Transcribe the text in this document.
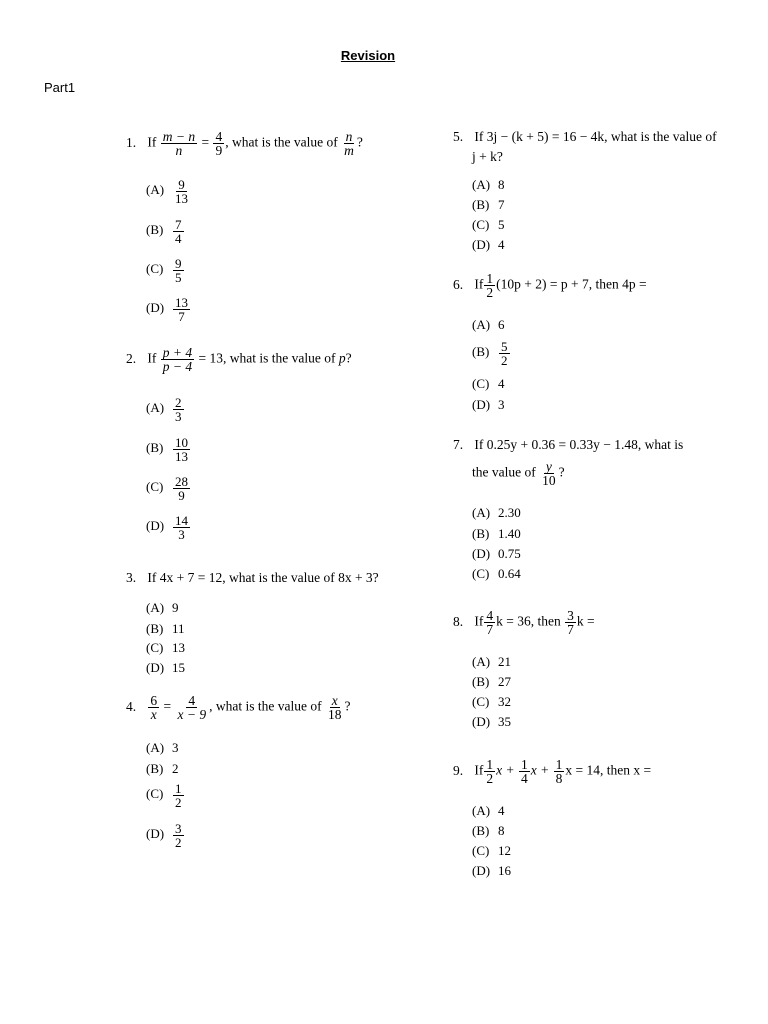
Revision
Part1
1. If $\frac{m - n}{n} = \frac{4}{9}$ , what is the value of $\frac{n}{m}$ ?
$(A) \frac{9}{13}$
$(B) \frac{7}{4}$
$(C) \frac{9}{5}$
$(D) \frac{13}{7}$
2. If $\frac{p + 4}{p - 4} = 13$, what is the value of p?
$(A) \frac{2}{3}$
$(B) \frac{10}{13}$
$(C) \frac{28}{9}$
$(D) \frac{14}{3}$
3. If 4x + 7 = 12, what is the value of 8x + 3?
(A) 9
(B) 11
(C) 13
(D) 15
4. $\frac{6}{x} = \frac{4}{x - 9}$ , what is the value of $\frac{x}{18}$ ?
(A) 3
(B) 2
$(C) \frac{1}{2}$
$(D) \frac{3}{2}$
5. If 3j − (k + 5) = 16 − 4k, what is the value of
j + k?
(A) 8
(B) 7
(C) 5
(D) 4
6. If $\frac{1}{2} (10p + 2) = p + 7$, then 4p =
(A) 6
$(B) \frac{5}{2}$
(C) 4
(D) 3
7. If 0.25y + 0.36 = 0.33y − 1.48, what is
the value of $\frac{y}{10}$ ?
(A) 2.30
(B) 1.40
(D) 0.75
(C) 0.64
8. If $\frac{4}{7}$ k = 36, then $\frac{3}{7}$ k =
(A) 21
(B) 27
(C) 32
(D) 35
9. If $\frac{1}{2}$ $x + \frac{1}{4}$ $x + \frac{1}{8}$ x = 14, then x =
(A) 4
(B) 8
(C) 12
(D) 16
